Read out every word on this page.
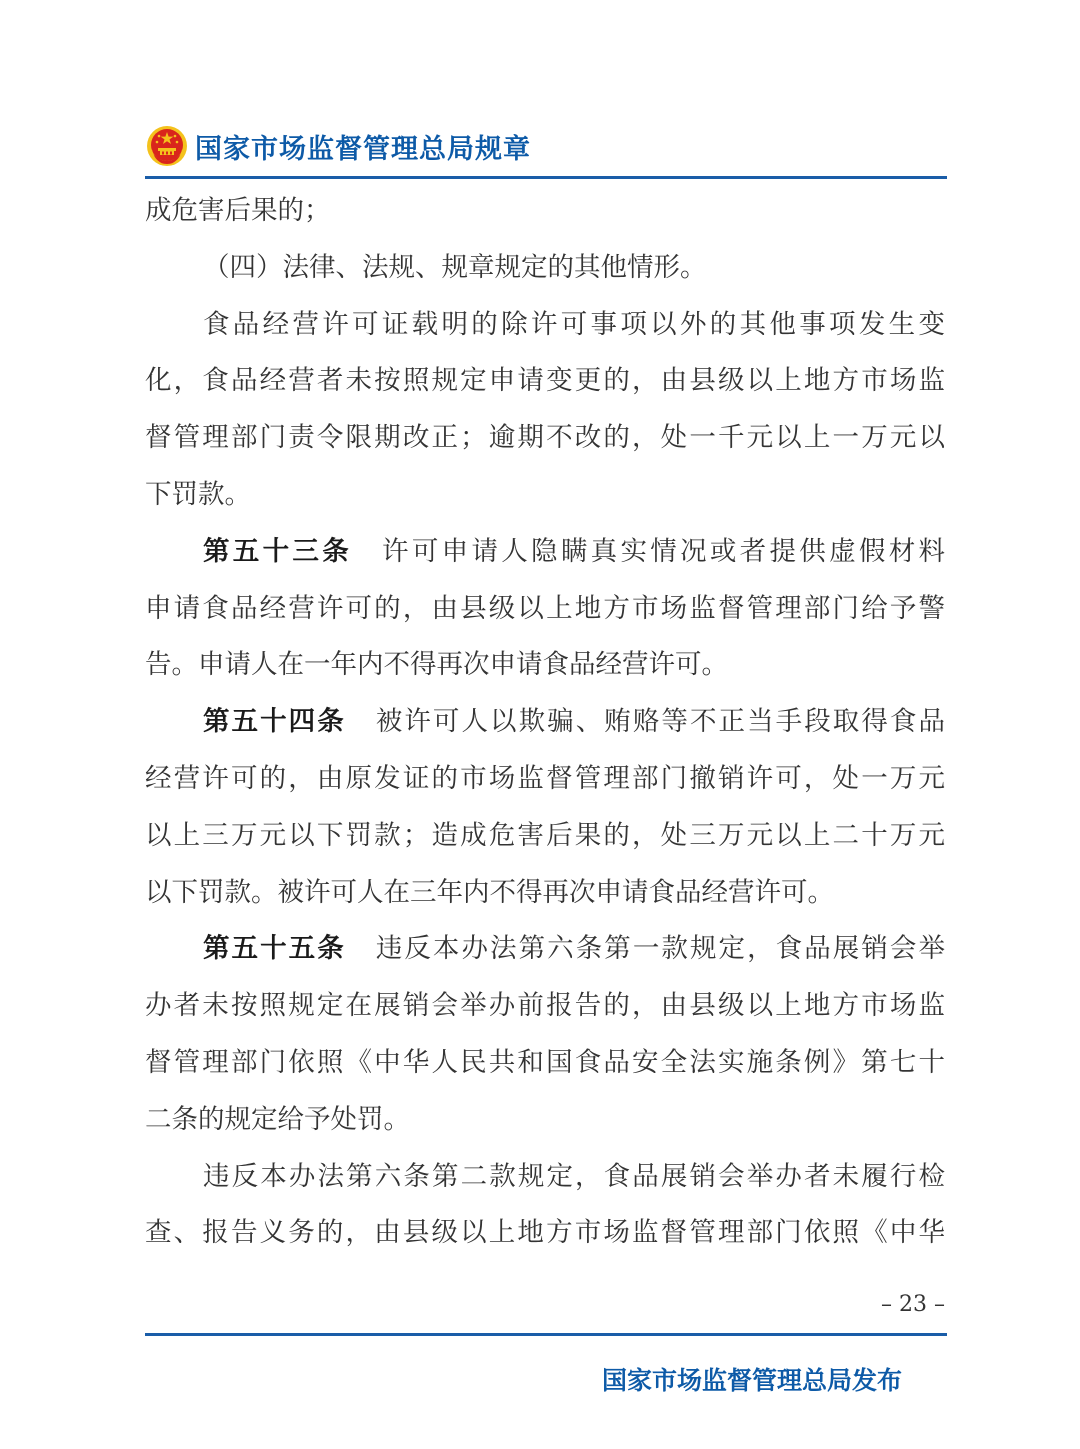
国家市场监督管理总局规章
成危害后果的；
（四）法律、法规、规章规定的其他情形。
食品经营许可证载明的除许可事项以外的其他事项发生变
化，食品经营者未按照规定申请变更的，由县级以上地方市场监
督管理部门责令限期改正；逾期不改的，处一千元以上一万元以
下罚款。
第五十三条 许可申请人隐瞒真实情况或者提供虚假材料
申请食品经营许可的，由县级以上地方市场监督管理部门给予警
告。申请人在一年内不得再次申请食品经营许可。
第五十四条 被许可人以欺骗、贿赂等不正当手段取得食品
经营许可的，由原发证的市场监督管理部门撤销许可，处一万元
以上三万元以下罚款；造成危害后果的，处三万元以上二十万元
以下罚款。被许可人在三年内不得再次申请食品经营许可。
第五十五条 违反本办法第六条第一款规定，食品展销会举
办者未按照规定在展销会举办前报告的，由县级以上地方市场监
督管理部门依照《中华人民共和国食品安全法实施条例》第七十
二条的规定给予处罚。
违反本办法第六条第二款规定，食品展销会举办者未履行检
查、报告义务的，由县级以上地方市场监督管理部门依照《中华
– 23 –
国家市场监督管理总局发布
